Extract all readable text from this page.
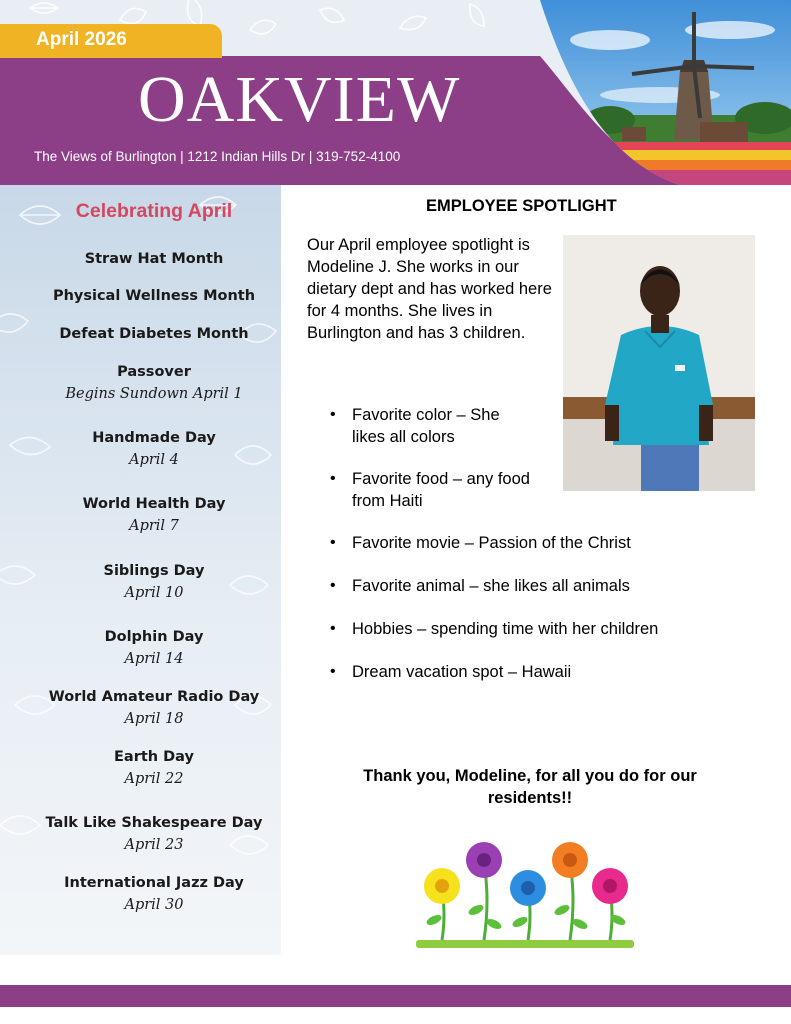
April 2026
OAKVIEW
The Views of Burlington | 1212 Indian Hills Dr | 319-752-4100
Celebrating April
Straw Hat Month
Physical Wellness Month
Defeat Diabetes Month
Passover
Begins Sundown April 1
Handmade Day
April 4
World Health Day
April 7
Siblings Day
April 10
Dolphin Day
April 14
World Amateur Radio Day
April 18
Earth Day
April 22
Talk Like Shakespeare Day
April 23
International Jazz Day
April 30
EMPLOYEE SPOTLIGHT
Our April employee spotlight is Modeline J. She works in our dietary dept and has worked here for 4 months. She lives in Burlington and has 3 children.
• Favorite color – She
likes all colors
• Favorite food – any food
from Haiti
• Favorite movie – Passion of the Christ
• Favorite animal – she likes all animals
• Hobbies – spending time with her children
• Dream vacation spot – Hawaii
Thank you, Modeline, for all you do for our residents!!
